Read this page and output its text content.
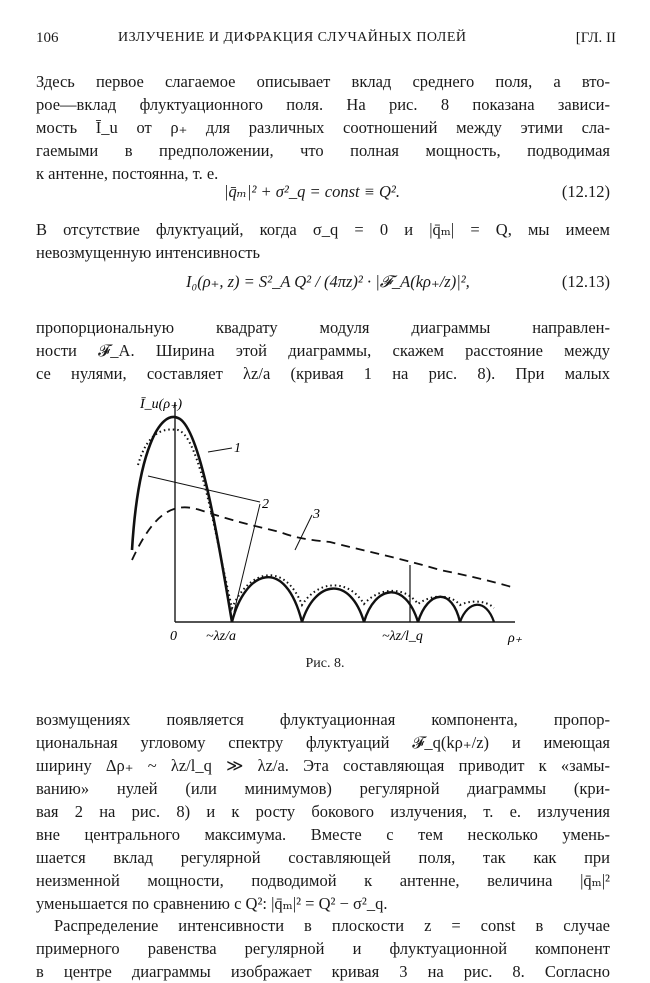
106	ИЗЛУЧЕНИЕ И ДИФРАКЦИЯ СЛУЧАЙНЫХ ПОЛЕЙ	[ГЛ. II
Здесь первое слагаемое описывает вклад среднего поля, а вто-
рое—вклад флуктуационного поля. На рис. 8 показана зависи-
мость Ī_u от ρ₊ для различных соотношений между этими сла-
гаемыми в предположении, что полная мощность, подводимая
к антенне, постоянна, т. е.
|q̄ₘ|² + σ²_q = const ≡ Q².	(12.12)
В отсутствие флуктуаций, когда σ_q = 0 и |q̄ₘ| = Q, мы имеем
невозмущенную интенсивность
I₀(ρ₊, z) = S²_A Q² / (4πz)² · |𝓕_A(kρ₊/z)|²,	(12.13)
пропорциональную квадрату модуля диаграммы направлен-
ности 𝓕_A. Ширина этой диаграммы, скажем расстояние между
се нулями, составляет λz/a (кривая 1 на рис. 8). При малых
Ī_u(ρ₊)
ρ₊
0 ~λz/a	~λz/l_q
1
2
3
Рис. 8.
возмущениях появляется флуктуационная компонента, пропор-
циональная угловому спектру флуктуаций 𝓕_q(kρ₊/z) и имеющая
ширину Δρ₊ ~ λz/l_q ≫ λz/a. Эта составляющая приводит к «замы-
ванию» нулей (или минимумов) регулярной диаграммы (кри-
вая 2 на рис. 8) и к росту бокового излучения, т. е. излучения
вне центрального максимума. Вместе с тем несколько умень-
шается вклад регулярной составляющей поля, так как при
неизменной мощности, подводимой к антенне, величина |q̄ₘ|²
уменьшается по сравнению с Q²: |q̄ₘ|² = Q² − σ²_q.
Распределение интенсивности в плоскости z = const в случае
примерного равенства регулярной и флуктуационной компонент
в центре диаграммы изображает кривая 3 на рис. 8. Согласно
